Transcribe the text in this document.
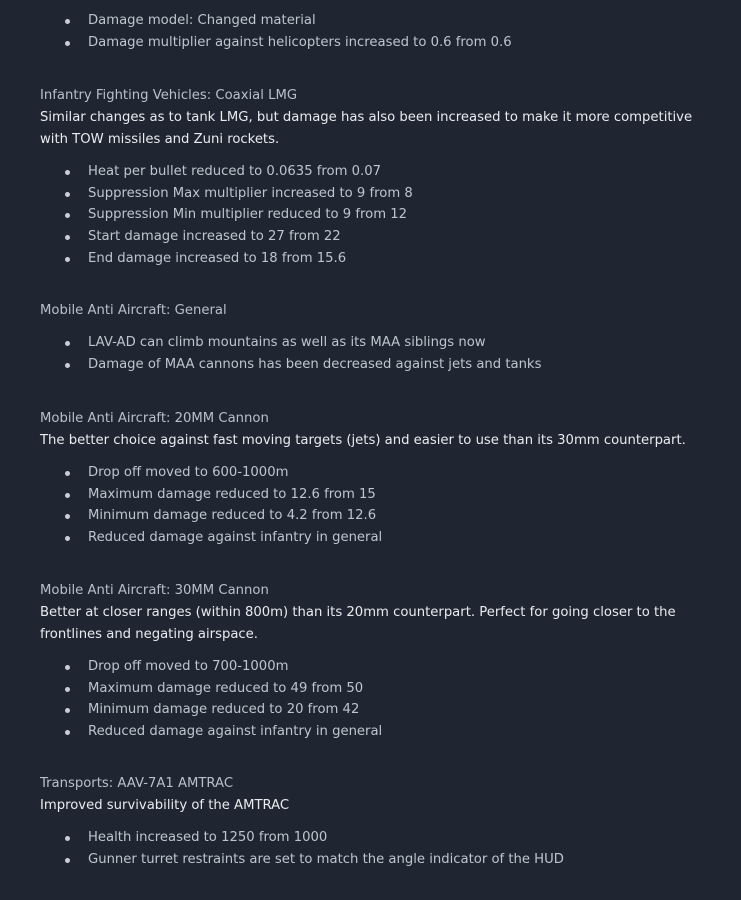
Damage model: Changed material
Damage multiplier against helicopters increased to 0.6 from 0.6
Infantry Fighting Vehicles: Coaxial LMG
Similar changes as to tank LMG, but damage has also been increased to make it more competitive with TOW missiles and Zuni rockets.
Heat per bullet reduced to 0.0635 from 0.07
Suppression Max multiplier increased to 9 from 8
Suppression Min multiplier reduced to 9 from 12
Start damage increased to 27 from 22
End damage increased to 18 from 15.6
Mobile Anti Aircraft: General
LAV-AD can climb mountains as well as its MAA siblings now
Damage of MAA cannons has been decreased against jets and tanks
Mobile Anti Aircraft: 20MM Cannon
The better choice against fast moving targets (jets) and easier to use than its 30mm counterpart.
Drop off moved to 600-1000m
Maximum damage reduced to 12.6 from 15
Minimum damage reduced to 4.2 from 12.6
Reduced damage against infantry in general
Mobile Anti Aircraft: 30MM Cannon
Better at closer ranges (within 800m) than its 20mm counterpart. Perfect for going closer to the frontlines and negating airspace.
Drop off moved to 700-1000m
Maximum damage reduced to 49 from 50
Minimum damage reduced to 20 from 42
Reduced damage against infantry in general
Transports: AAV-7A1 AMTRAC
Improved survivability of the AMTRAC
Health increased to 1250 from 1000
Gunner turret restraints are set to match the angle indicator of the HUD
